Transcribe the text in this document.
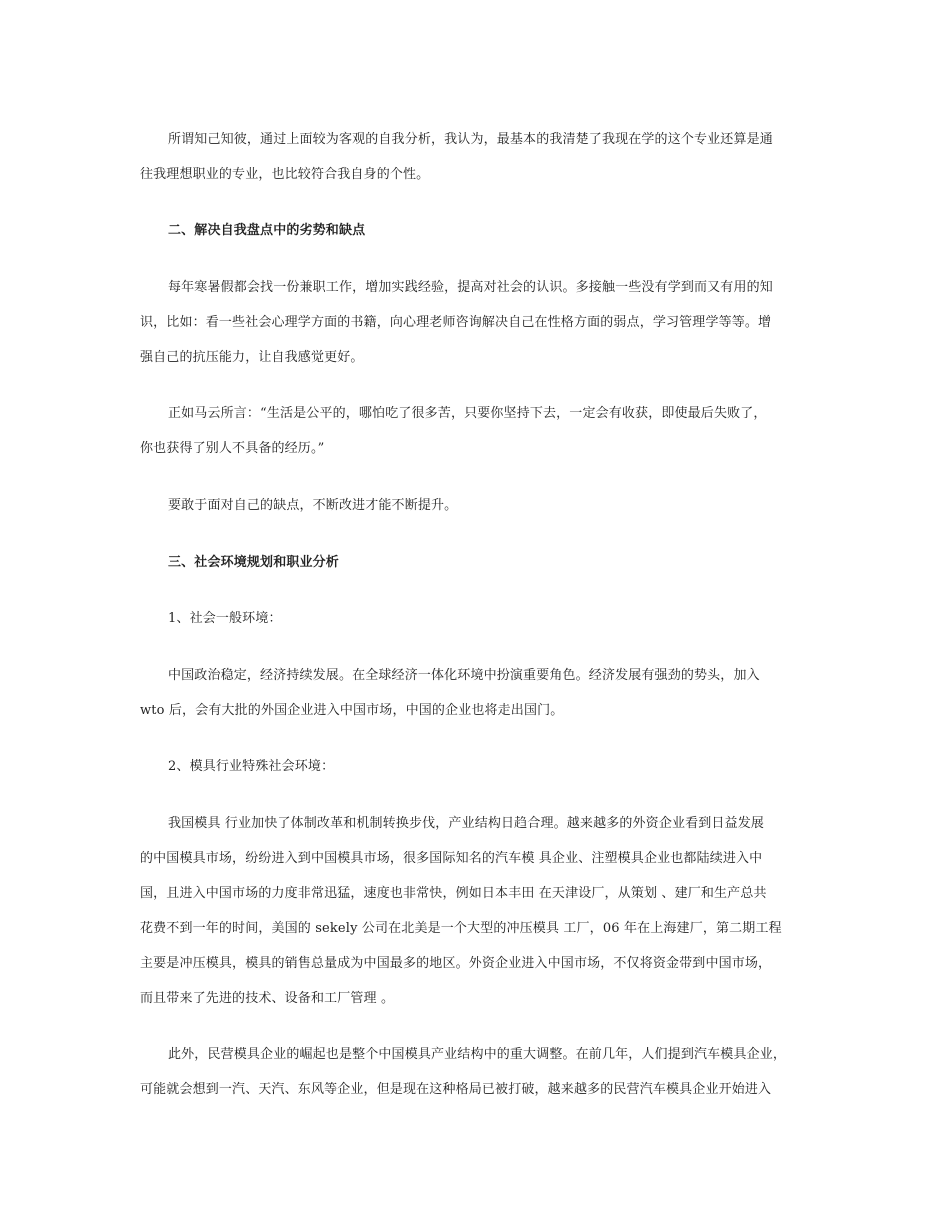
所谓知己知彼，通过上面较为客观的自我分析，我认为，最基本的我清楚了我现在学的这个专业还算是通
往我理想职业的专业，也比较符合我自身的个性。
二、解决自我盘点中的劣势和缺点
每年寒暑假都会找一份兼职工作，增加实践经验，提高对社会的认识。多接触一些没有学到而又有用的知
识，比如：看一些社会心理学方面的书籍，向心理老师咨询解决自己在性格方面的弱点，学习管理学等等。增
强自己的抗压能力，让自我感觉更好。
正如马云所言：“生活是公平的，哪怕吃了很多苦，只要你坚持下去，一定会有收获，即使最后失败了，
你也获得了别人不具备的经历。”
要敢于面对自己的缺点，不断改进才能不断提升。
三、社会环境规划和职业分析
1、社会一般环境：
中国政治稳定，经济持续发展。在全球经济一体化环境中扮演重要角色。经济发展有强劲的势头，加入
wto 后，会有大批的外国企业进入中国市场，中国的企业也将走出国门。
2、模具行业特殊社会环境：
我国模具 行业加快了体制改革和机制转换步伐，产业结构日趋合理。越来越多的外资企业看到日益发展
的中国模具市场，纷纷进入到中国模具市场，很多国际知名的汽车模 具企业、注塑模具企业也都陆续进入中
国，且进入中国市场的力度非常迅猛，速度也非常快，例如日本丰田 在天津设厂，从策划 、建厂和生产总共
花费不到一年的时间，美国的 sekely 公司在北美是一个大型的冲压模具 工厂，06 年在上海建厂，第二期工程
主要是冲压模具，模具的销售总量成为中国最多的地区。外资企业进入中国市场，不仅将资金带到中国市场，
而且带来了先进的技术、设备和工厂管理 。
此外，民营模具企业的崛起也是整个中国模具产业结构中的重大调整。在前几年，人们提到汽车模具企业，
可能就会想到一汽、天汽、东风等企业，但是现在这种格局已被打破，越来越多的民营汽车模具企业开始进入
